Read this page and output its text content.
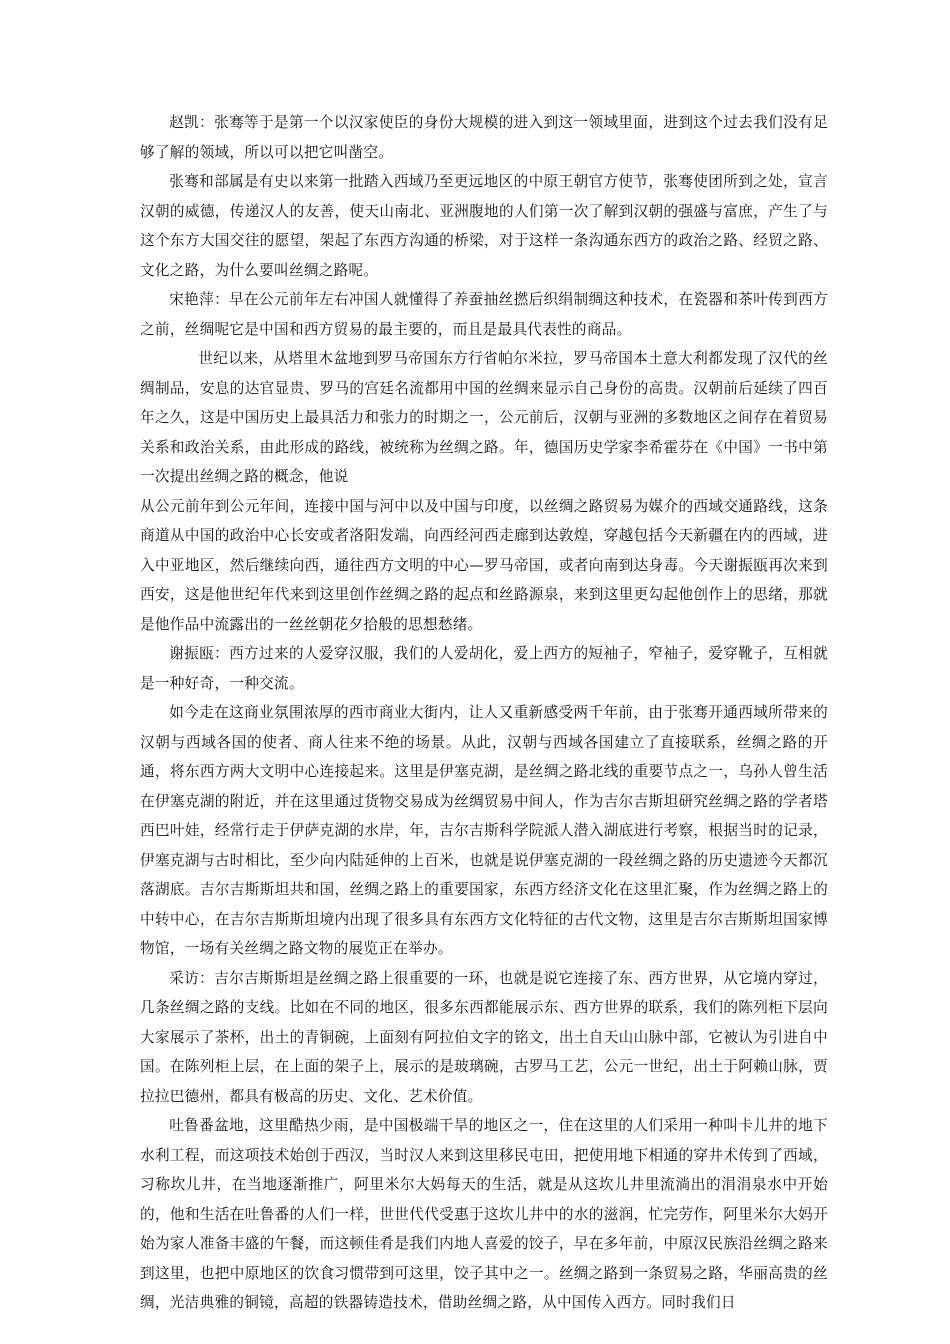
赵凯：张骞等于是第一个以汉家使臣的身份大规模的进入到这一领域里面，进到这个过去我们没有足够了解的领域，所以可以把它叫凿空。

张骞和部属是有史以来第一批踏入西域乃至更远地区的中原王朝官方使节，张骞使团所到之处，宣言汉朝的威德，传递汉人的友善，使天山南北、亚洲腹地的人们第一次了解到汉朝的强盛与富庶，产生了与这个东方大国交往的愿望，架起了东西方沟通的桥梁，对于这样一条沟通东西方的政治之路、经贸之路、文化之路，为什么要叫丝绸之路呢。

宋艳萍：早在公元前年左右冲国人就懂得了养蚕抽丝撚后织绢制绸这种技术，在瓷器和茶叶传到西方之前，丝绸呢它是中国和西方贸易的最主要的，而且是最具代表性的商品。

世纪以来，从塔里木盆地到罗马帝国东方行省帕尔米拉，罗马帝国本土意大利都发现了汉代的丝绸制品，安息的达官显贵、罗马的宫廷名流都用中国的丝绸来显示自己身份的高贵。汉朝前后延续了四百年之久，这是中国历史上最具活力和张力的时期之一，公元前后，汉朝与亚洲的多数地区之间存在着贸易关系和政治关系，由此形成的路线，被统称为丝绸之路。年，德国历史学家李希霍芬在《中国》一书中第一次提出丝绸之路的概念，他说

从公元前年到公元年间，连接中国与河中以及中国与印度，以丝绸之路贸易为媒介的西域交通路线，这条商道从中国的政治中心长安或者洛阳发端，向西经河西走廊到达敦煌，穿越包括今天新疆在内的西域，进入中亚地区，然后继续向西，通往西方文明的中心—罗马帝国，或者向南到达身毒。今天谢振瓯再次来到西安，这是他世纪年代来到这里创作丝绸之路的起点和丝路源泉，来到这里更勾起他创作上的思绪，那就是他作品中流露出的一丝丝朝花夕拾般的思想愁绪。

谢振瓯：西方过来的人爱穿汉服，我们的人爱胡化，爱上西方的短袖子，窄袖子，爱穿靴子，互相就是一种好奇，一种交流。

如今走在这商业氛围浓厚的西市商业大街内，让人又重新感受两千年前，由于张骞开通西域所带来的汉朝与西域各国的使者、商人往来不绝的场景。从此，汉朝与西域各国建立了直接联系，丝绸之路的开通，将东西方两大文明中心连接起来。这里是伊塞克湖，是丝绸之路北线的重要节点之一，乌孙人曾生活在伊塞克湖的附近，并在这里通过货物交易成为丝绸贸易中间人，作为吉尔吉斯坦研究丝绸之路的学者塔西巴叶娃，经常行走于伊萨克湖的水岸，年，吉尔吉斯科学院派人潜入湖底进行考察，根据当时的记录，伊塞克湖与古时相比，至少向内陆延伸的上百米，也就是说伊塞克湖的一段丝绸之路的历史遗迹今天都沉落湖底。吉尔吉斯斯坦共和国，丝绸之路上的重要国家，东西方经济文化在这里汇聚，作为丝绸之路上的中转中心，在吉尔吉斯斯坦境内出现了很多具有东西方文化特征的古代文物，这里是吉尔吉斯斯坦国家博物馆，一场有关丝绸之路文物的展览正在举办。

采访：吉尔吉斯斯坦是丝绸之路上很重要的一环，也就是说它连接了东、西方世界，从它境内穿过，几条丝绸之路的支线。比如在不同的地区，很多东西都能展示东、西方世界的联系，我们的陈列柜下层向大家展示了茶杯，出土的青铜碗，上面刻有阿拉伯文字的铭文，出土自天山山脉中部，它被认为引进自中国。在陈列柜上层，在上面的架子上，展示的是玻璃碗，古罗马工艺，公元一世纪，出土于阿赖山脉，贾拉拉巴德州，都具有极高的历史、文化、艺术价值。

吐鲁番盆地，这里酷热少雨，是中国极端干旱的地区之一，住在这里的人们采用一种叫卡儿井的地下水利工程，而这项技术始创于西汉，当时汉人来到这里移民屯田，把使用地下相通的穿井术传到了西域，习称坎儿井，在当地逐渐推广，阿里米尔大妈每天的生活，就是从这坎儿井里流淌出的涓涓泉水中开始的，他和生活在吐鲁番的人们一样，世世代代受惠于这坎儿井中的水的滋润，忙完劳作，阿里米尔大妈开始为家人准备丰盛的午餐，而这顿佳肴是我们内地人喜爱的饺子，早在多年前，中原汉民族沿丝绸之路来到这里，也把中原地区的饮食习惯带到可这里，饺子其中之一。丝绸之路到一条贸易之路，华丽高贵的丝绸，光洁典雅的铜镜，高超的铁器铸造技术，借助丝绸之路，从中国传入西方。同时我们日
